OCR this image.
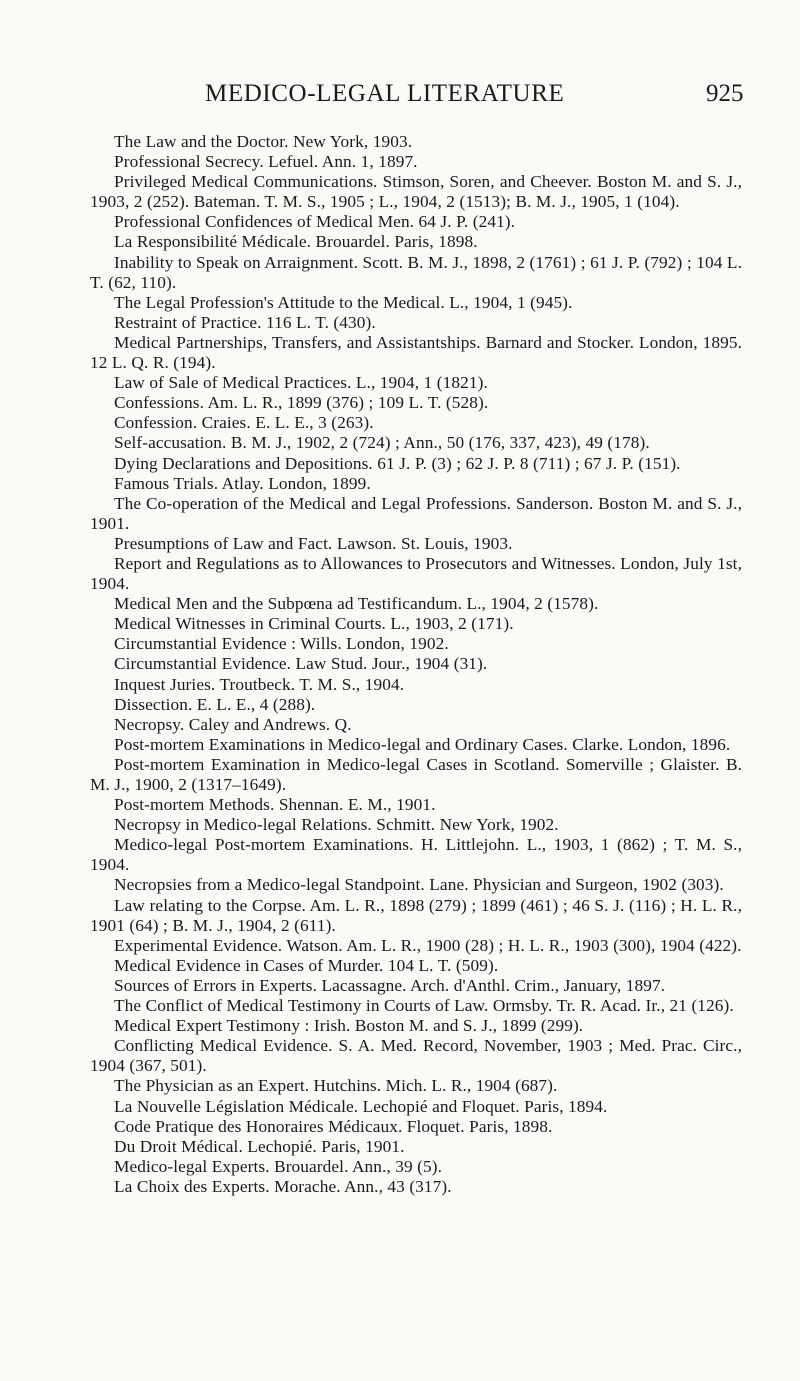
MEDICO-LEGAL LITERATURE	925

The Law and the Doctor. New York, 1903.

Professional Secrecy. Lefuel. Ann. 1, 1897.

Privileged Medical Communications. Stimson, Soren, and Cheever. Boston M. and S. J., 1903, 2 (252). Bateman. T. M. S., 1905 ; L., 1904, 2 (1513); B. M. J., 1905, 1 (104).

Professional Confidences of Medical Men. 64 J. P. (241).

La Responsibilité Médicale. Brouardel. Paris, 1898.

Inability to Speak on Arraignment. Scott. B. M. J., 1898, 2 (1761) ; 61 J. P. (792) ; 104 L. T. (62, 110).

The Legal Profession's Attitude to the Medical. L., 1904, 1 (945).

Restraint of Practice. 116 L. T. (430).

Medical Partnerships, Transfers, and Assistantships. Barnard and Stocker. London, 1895. 12 L. Q. R. (194).

Law of Sale of Medical Practices. L., 1904, 1 (1821).

Confessions. Am. L. R., 1899 (376) ; 109 L. T. (528).

Confession. Craies. E. L. E., 3 (263).

Self-accusation. B. M. J., 1902, 2 (724) ; Ann., 50 (176, 337, 423), 49 (178).

Dying Declarations and Depositions. 61 J. P. (3) ; 62 J. P. 8 (711) ; 67 J. P. (151).

Famous Trials. Atlay. London, 1899.

The Co-operation of the Medical and Legal Professions. Sanderson. Boston M. and S. J., 1901.

Presumptions of Law and Fact. Lawson. St. Louis, 1903.

Report and Regulations as to Allowances to Prosecutors and Witnesses. London, July 1st, 1904.

Medical Men and the Subpœna ad Testificandum. L., 1904, 2 (1578).

Medical Witnesses in Criminal Courts. L., 1903, 2 (171).

Circumstantial Evidence : Wills. London, 1902.

Circumstantial Evidence. Law Stud. Jour., 1904 (31).

Inquest Juries. Troutbeck. T. M. S., 1904.

Dissection. E. L. E., 4 (288).

Necropsy. Caley and Andrews. Q.

Post-mortem Examinations in Medico-legal and Ordinary Cases. Clarke. London, 1896.

Post-mortem Examination in Medico-legal Cases in Scotland. Somerville ; Glaister. B. M. J., 1900, 2 (1317–1649).

Post-mortem Methods. Shennan. E. M., 1901.

Necropsy in Medico-legal Relations. Schmitt. New York, 1902.

Medico-legal Post-mortem Examinations. H. Littlejohn. L., 1903, 1 (862) ; T. M. S., 1904.

Necropsies from a Medico-legal Standpoint. Lane. Physician and Surgeon, 1902 (303).

Law relating to the Corpse. Am. L. R., 1898 (279) ; 1899 (461) ; 46 S. J. (116) ; H. L. R., 1901 (64) ; B. M. J., 1904, 2 (611).

Experimental Evidence. Watson. Am. L. R., 1900 (28) ; H. L. R., 1903 (300), 1904 (422).

Medical Evidence in Cases of Murder. 104 L. T. (509).

Sources of Errors in Experts. Lacassagne. Arch. d'Anthl. Crim., January, 1897.

The Conflict of Medical Testimony in Courts of Law. Ormsby. Tr. R. Acad. Ir., 21 (126).

Medical Expert Testimony : Irish. Boston M. and S. J., 1899 (299).

Conflicting Medical Evidence. S. A. Med. Record, November, 1903 ; Med. Prac. Circ., 1904 (367, 501).

The Physician as an Expert. Hutchins. Mich. L. R., 1904 (687).

La Nouvelle Législation Médicale. Lechopié and Floquet. Paris, 1894.

Code Pratique des Honoraires Médicaux. Floquet. Paris, 1898.

Du Droit Médical. Lechopié. Paris, 1901.

Medico-legal Experts. Brouardel. Ann., 39 (5).

La Choix des Experts. Morache. Ann., 43 (317).
